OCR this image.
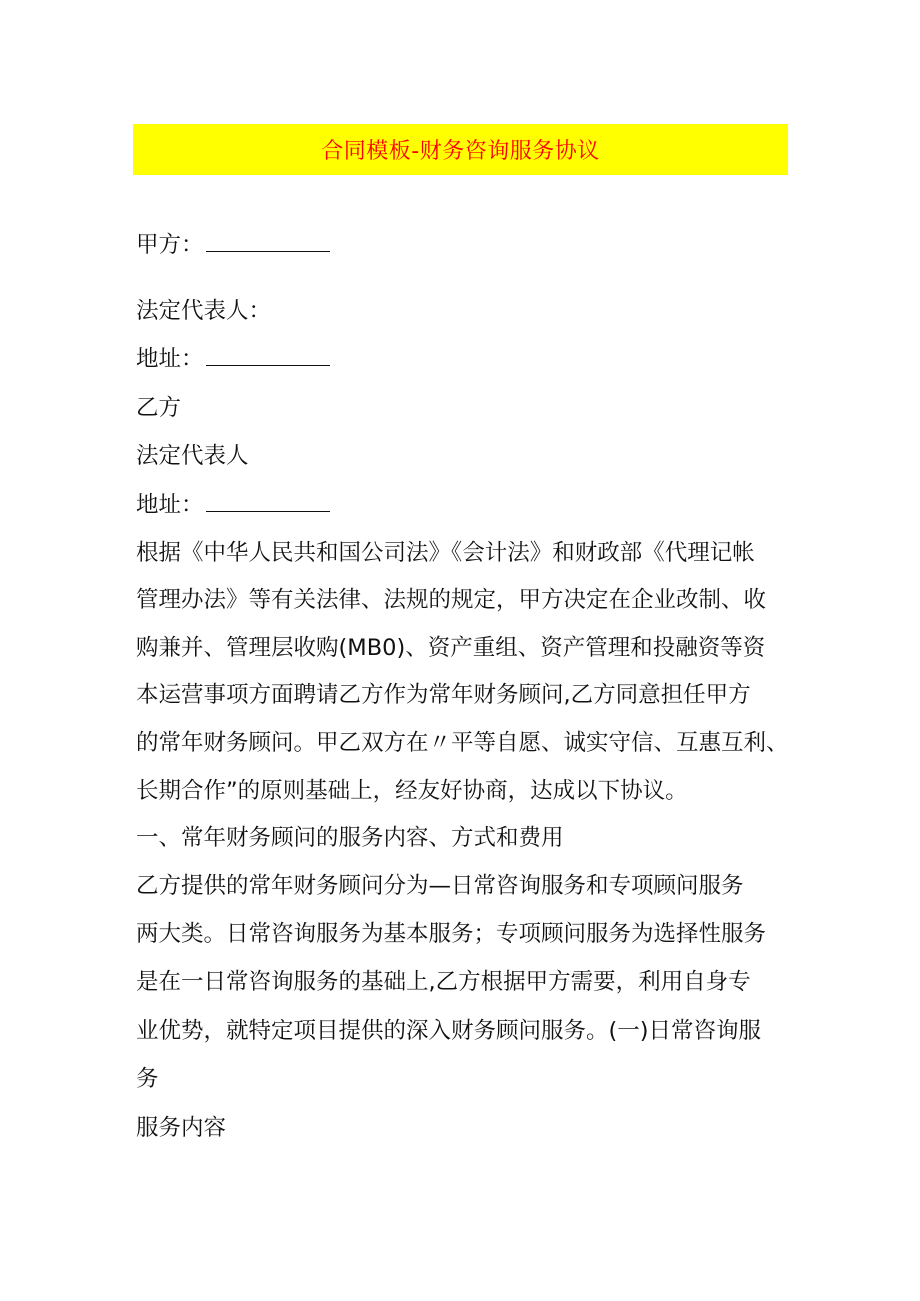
合同模板-财务咨询服务协议
甲方：
法定代表人：
地址：
乙方
法定代表人
地址：
根据《中华人民共和国公司法》《会计法》和财政部《代理记帐
管理办法》等有关法律、法规的规定，甲方决定在企业改制、收
购兼并、管理层收购(MB0)、资产重组、资产管理和投融资等资
本运营事项方面聘请乙方作为常年财务顾问,乙方同意担任甲方
的常年财务顾问。甲乙双方在〃平等自愿、诚实守信、互惠互利、
长期合作”的原则基础上，经友好协商，达成以下协议。
一、常年财务顾问的服务内容、方式和费用
乙方提供的常年财务顾问分为—日常咨询服务和专项顾问服务
两大类。日常咨询服务为基本服务；专项顾问服务为选择性服务
是在一日常咨询服务的基础上,乙方根据甲方需要，利用自身专
业优势，就特定项目提供的深入财务顾问服务。(一)日常咨询服
务
服务内容
